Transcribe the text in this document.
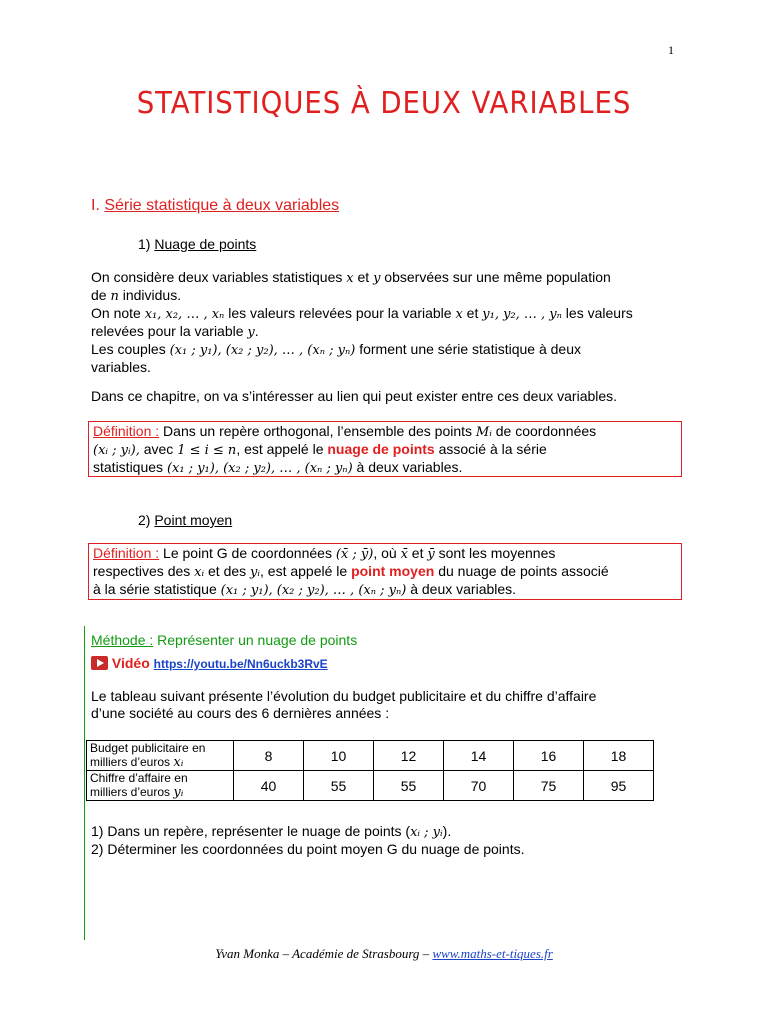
1
STATISTIQUES À DEUX VARIABLES
I. Série statistique à deux variables
1) Nuage de points
On considère deux variables statistiques x et y observées sur une même population
de n individus.
On note x₁, x₂, … , xₙ les valeurs relevées pour la variable x et y₁, y₂, … , yₙ les valeurs
relevées pour la variable y.
Les couples (x₁ ; y₁), (x₂ ; y₂), … , (xₙ ; yₙ) forment une série statistique à deux
variables.
Dans ce chapitre, on va s’intéresser au lien qui peut exister entre ces deux variables.
Définition : Dans un repère orthogonal, l’ensemble des points Mᵢ de coordonnées
(xᵢ ; yᵢ), avec 1 ≤ i ≤ n, est appelé le nuage de points associé à la série
statistiques (x₁ ; y₁), (x₂ ; y₂), … , (xₙ ; yₙ) à deux variables.
2) Point moyen
Définition : Le point G de coordonnées (x̄ ; ȳ), où x̄ et ȳ sont les moyennes
respectives des xᵢ et des yᵢ, est appelé le point moyen du nuage de points associé
à la série statistique (x₁ ; y₁), (x₂ ; y₂), … , (xₙ ; yₙ) à deux variables.
Méthode : Représenter un nuage de points
Vidéo https://youtu.be/Nn6uckb3RvE
Le tableau suivant présente l’évolution du budget publicitaire et du chiffre d’affaire
d’une société au cours des 6 dernières années :
Budget publicitaire en
milliers d’euros xᵢ	8	10	12	14	16	18
Chiffre d’affaire en
milliers d’euros yᵢ	40	55	55	70	75	95
1) Dans un repère, représenter le nuage de points (xᵢ ; yᵢ).
2) Déterminer les coordonnées du point moyen G du nuage de points.
Yvan Monka – Académie de Strasbourg – www.maths-et-tiques.fr
